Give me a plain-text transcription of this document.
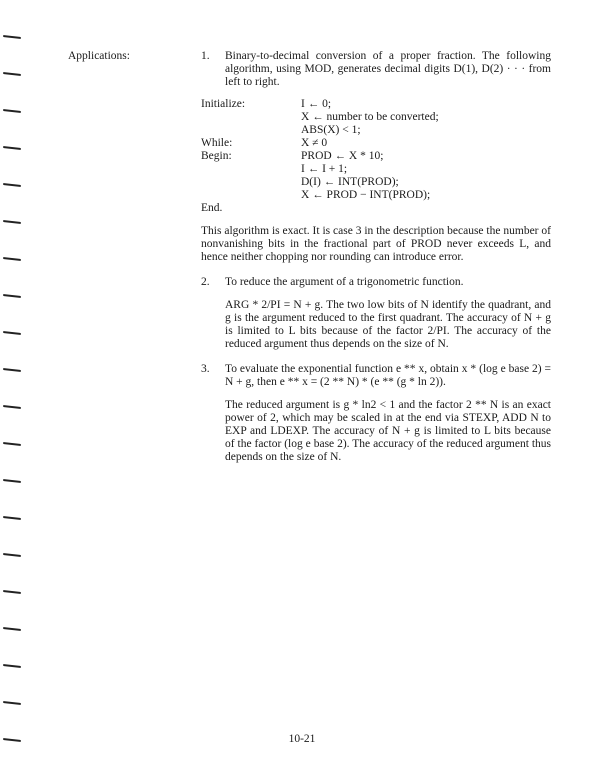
Applications:	1.	Binary-to-decimal conversion of a proper fraction. The following algorithm, using MOD, generates decimal digits D(1), D(2) · · · from left to right.
Initialize:	I ← 0;
X ← number to be converted;
ABS(X) < 1;
While:	X ≠ 0
Begin:	PROD ← X * 10;
I ← I + 1;
D(I) ← INT(PROD);
X ← PROD − INT(PROD);
End.
This algorithm is exact. It is case 3 in the description because the number of nonvanishing bits in the fractional part of PROD never exceeds L, and hence neither chopping nor rounding can introduce error.
2.	To reduce the argument of a trigonometric function.
ARG * 2/PI = N + g. The two low bits of N identify the quadrant, and g is the argument reduced to the first quadrant. The accuracy of N + g is limited to L bits because of the factor 2/PI. The accuracy of the reduced argument thus depends on the size of N.
3.	To evaluate the exponential function e ** x, obtain x * (log e base 2) = N + g, then e ** x = (2 ** N) * (e ** (g * ln 2)).
The reduced argument is g * ln2 < 1 and the factor 2 ** N is an exact power of 2, which may be scaled in at the end via STEXP, ADD N to EXP and LDEXP. The accuracy of N + g is limited to L bits because of the factor (log e base 2). The accuracy of the reduced argument thus depends on the size of N.
10-21
